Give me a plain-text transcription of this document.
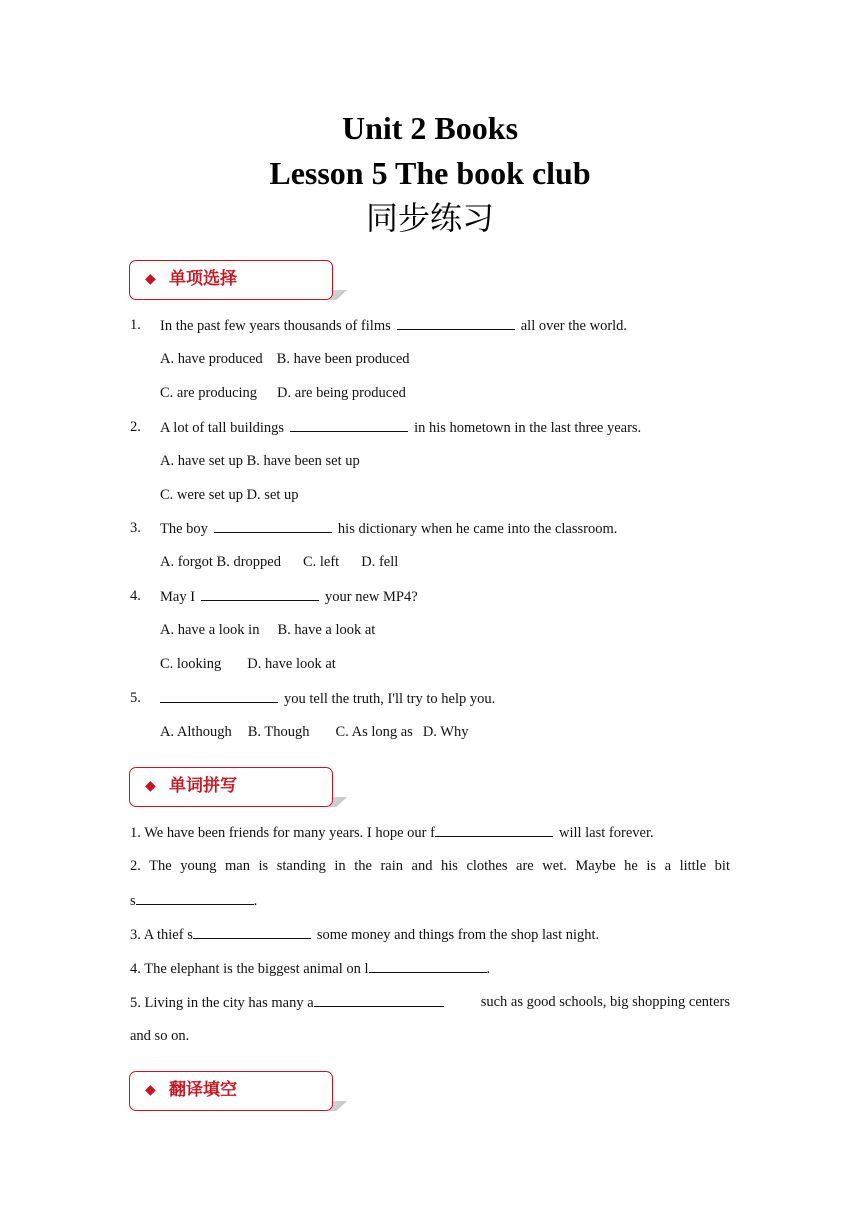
Unit 2 Books
Lesson 5 The book club
同步练习
◆ 单项选择
1. In the past few years thousands of films	all over the world.
A. have produced B. have been produced
C. are producing D. are being produced
2. A lot of tall buildings	in his hometown in the last three years.
A. have set up B. have been set up
C. were set up D. set up
3. The boy	his dictionary when he came into the classroom.
A. forgot B. dropped C. left D. fell
4. May I	your new MP4?
A. have a look in B. have a look at
C. looking D. have look at
5.	you tell the truth, I'll try to help you.
A. Although B. Though C. As long as D. Why
◆ 单词拼写
1. We have been friends for many years. I hope our f	will last forever.
2. The young man is standing in the rain and his clothes are wet. Maybe he is a little bit
s	.
3. A thief s	some money and things from the shop last night.
4. The elephant is the biggest animal on l	.
5. Living in the city has many a	such as good schools, big shopping centers
and so on.
◆ 翻译填空
